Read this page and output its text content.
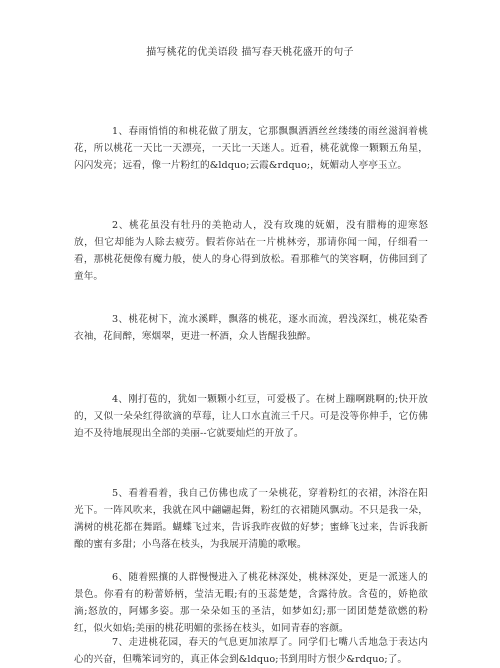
描写桃花的优美语段 描写春天桃花盛开的句子

1、春雨悄悄的和桃花做了朋友，它那飘飘洒洒丝丝缕缕的雨丝滋润着桃花，所以桃花一天比一天漂亮，一天比一天迷人。近看，桃花就像一颗颗五角星，闪闪发亮；远看，像一片粉红的&ldquo;云霞&rdquo;，妩媚动人亭亭玉立。

2、桃花虽没有牡丹的美艳动人，没有玫瑰的妩媚，没有腊梅的迎寒怒放，但它却能为人除去疲劳。假若你站在一片桃林旁，那请你闻一闻，仔细看一看，那桃花便像有魔力般，使人的身心得到放松。看那稚气的笑容啊，仿佛回到了童年。

3、桃花树下，流水溪畔，飘落的桃花，逐水而流，碧浅深红，桃花染香衣袖，花间醉，寒烟翠，更进一杯酒，众人皆醒我独醉。

4、刚打苞的，犹如一颗颗小红豆，可爱极了。在树上蹦啊跳啊的;快开放的，又似一朵朵红得欲滴的草莓，让人口水直流三千尺。可是没等你伸手，它仿佛迫不及待地展现出全部的美丽--它就要灿烂的开放了。

5、看着看着，我自己仿佛也成了一朵桃花，穿着粉红的衣裙，沐浴在阳光下。一阵风吹来，我就在风中翩翩起舞，粉红的衣裙随风飘动。不只是我一朵，满树的桃花都在舞蹈。蝴蝶飞过来，告诉我昨夜做的好梦；蜜蜂飞过来，告诉我新酿的蜜有多甜；小鸟落在枝头，为我展开清脆的歌喉。

6、随着熙攘的人群慢慢进入了桃花林深处，桃林深处，更是一派迷人的景色。你看有的粉蕾娇柄，莹洁无暇;有的玉蕊楚楚，含露待放。含苞的，娇艳欲滴;怒放的，阿娜多姿。那一朵朵如玉的圣洁，如梦如幻;那一团团楚楚欲燃的粉红，似火如焰;美丽的桃花明媚的张扬在枝头，如同青春的容颜。

7、走进桃花园，春天的气息更加浓厚了。同学们七嘴八舌地急于表达内心的兴奋，但嘴笨词穷的，真正体会到&ldquo;书到用时方恨少&rdquo;了。
